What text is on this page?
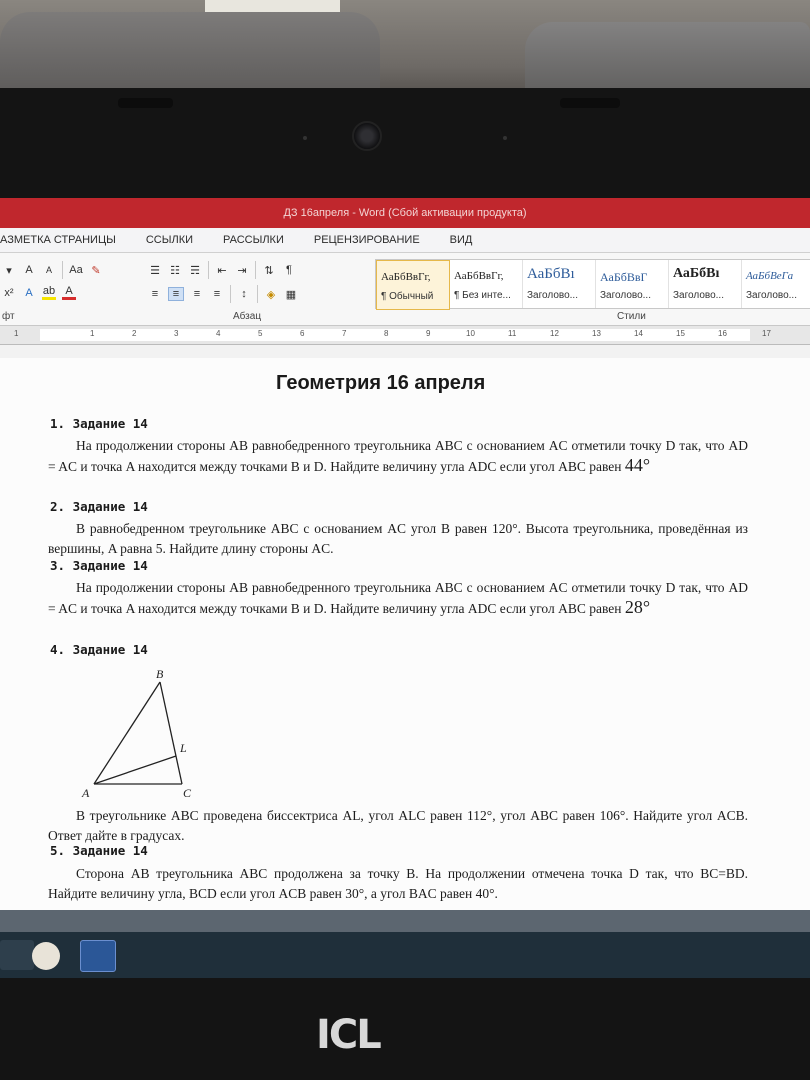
ДЗ 16апреля - Word (Сбой активации продукта)
АЗМЕТКА СТРАНИЦЫ	ССЫЛКИ	РАССЫЛКИ	РЕЦЕНЗИРОВАНИЕ	ВИД
▾	A	A	Aa ✎
x²	A ab A
фт
☰ ☷ ☴ ⇤ ⇥ ⇅	¶
≡	≡	≡	≡	↕	◈ ▦
Абзац
АаБбВвГг,
¶ Обычный
АаБбВвГг,
¶ Без инте...
АаБбВı
Заголово...
АаБбВвГ
Заголово...
АаБбВı
Заголово...
АаБбВеГа
Заголово...
Стили
1	1	2	3	4	5	6	7	8	9	10	11	12	13	14	15	16	17
Геометрия 16 апреля
1. Задание 14
На продолжении стороны AB равнобедренного треугольника ABC с основанием AC отметили точку D так, что AD = AC и точка A находится между точками B и D. Найдите величину угла ADC если угол ABC равен 44°
2. Задание 14
В равнобедренном треугольнике ABC с основанием AC угол B равен 120°. Высота треугольника, проведённая из вершины, A равна 5. Найдите длину стороны AC.
3. Задание 14
На продолжении стороны AB равнобедренного треугольника ABC с основанием AC отметили точку D так, что AD = AC и точка A находится между точками B и D. Найдите величину угла ADC если угол ABC равен 28°
4. Задание 14
B
L
A	C
В треугольнике ABC проведена биссектриса AL, угол ALC равен 112°, угол ABC равен 106°. Найдите угол ACB. Ответ дайте в градусах.
5. Задание 14
Сторона AB треугольника ABC продолжена за точку B. На продолжении отмечена точка D так, что BC=BD. Найдите величину угла, BCD если угол ACB равен 30°, а угол BAC равен 40°.
ICL
